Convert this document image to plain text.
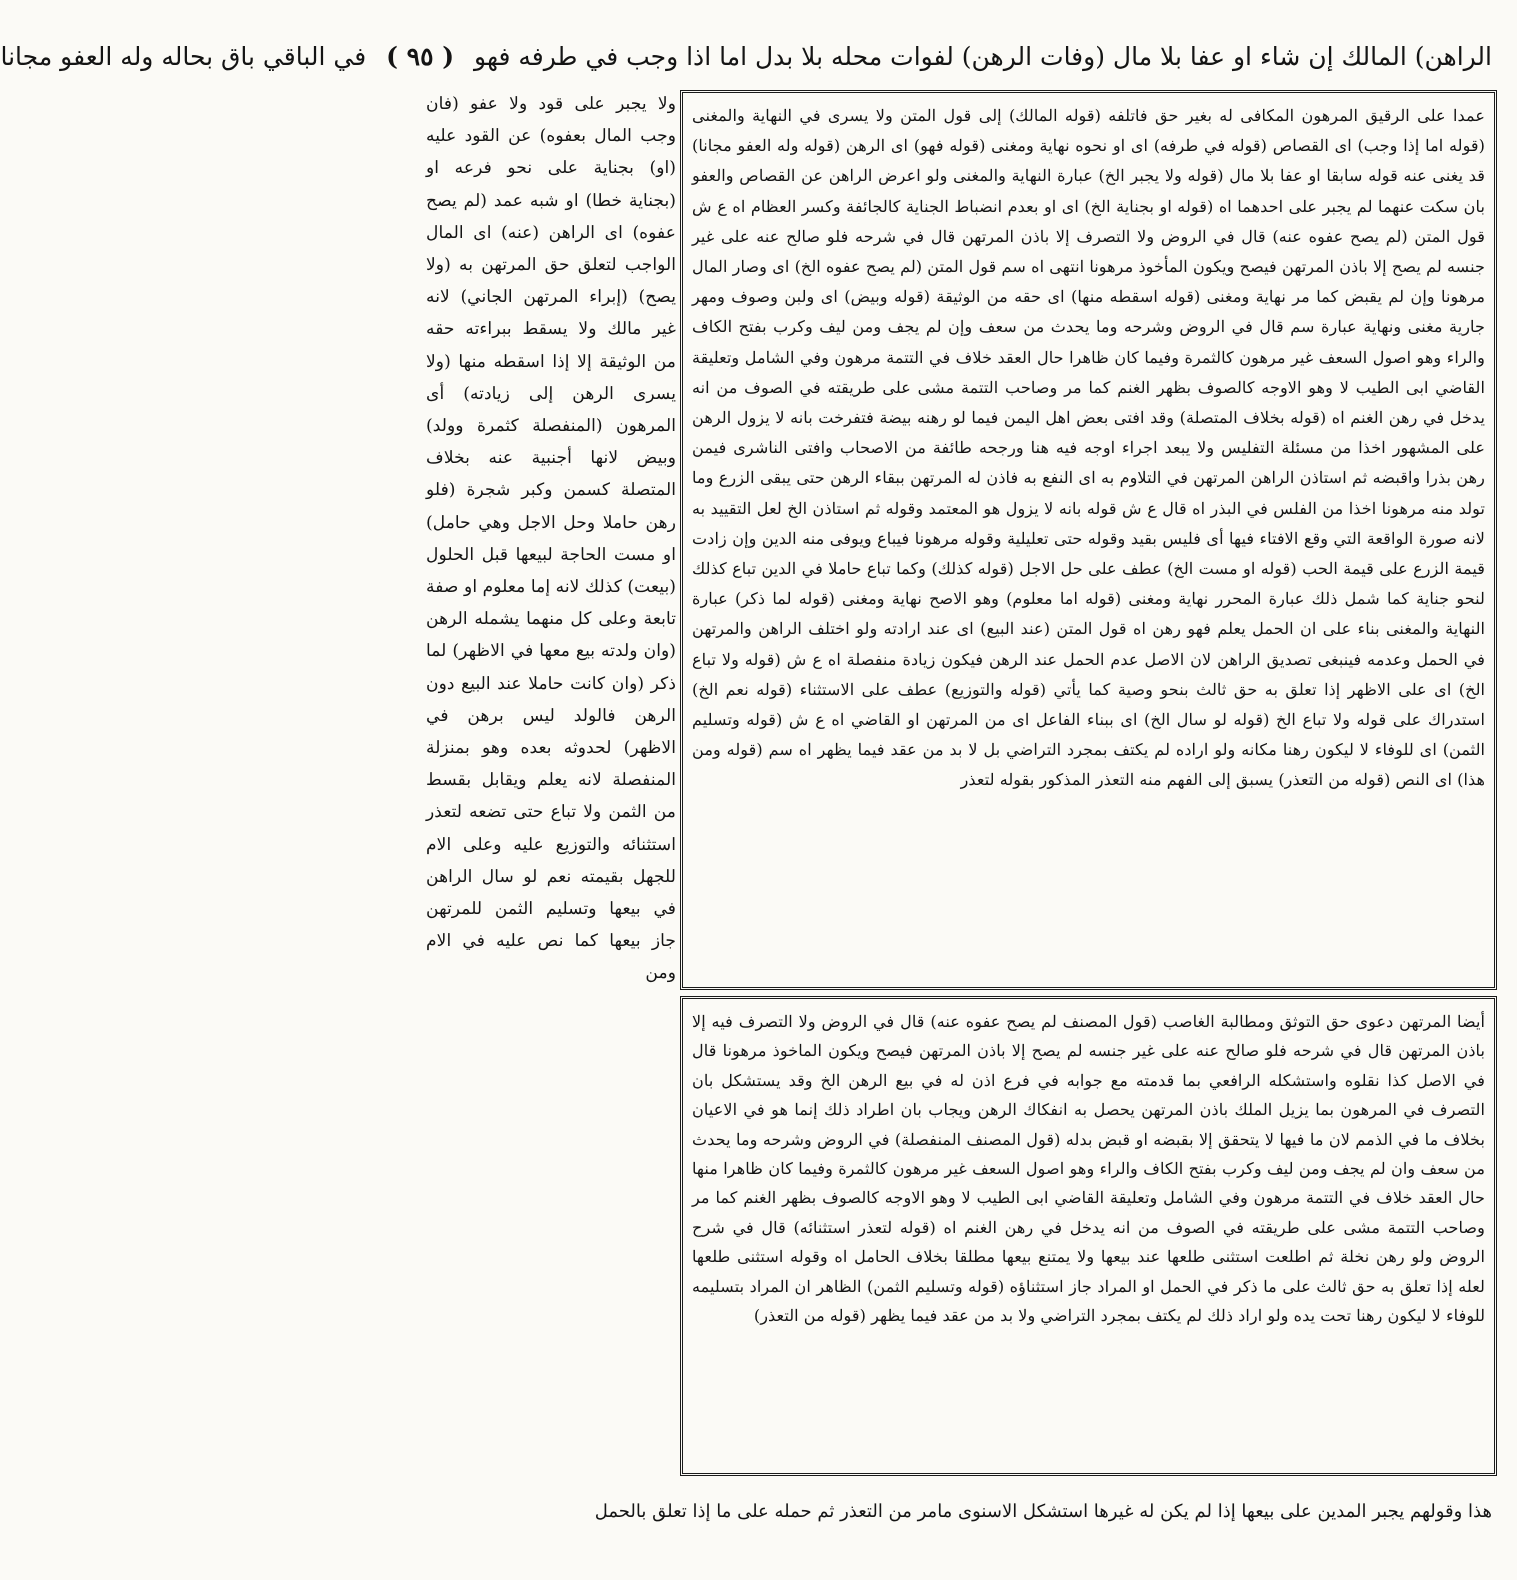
الراهن) المالك إن شاء او عفا بلا مال (وفات الرهن) لفوات محله بلا بدل اما اذا وجب في طرفه فهو ( ٩٥ ) في الباقي باق بحاله وله العفو مجانا
ولا يجبر على قود ولا عفو (فان وجب المال بعفوه) عن القود عليه (او) بجناية على نحو فرعه او (بجناية خطا) او شبه عمد (لم يصح عفوه) اى الراهن (عنه) اى المال الواجب لتعلق حق المرتهن به (ولا يصح) (إبراء المرتهن الجاني) لانه غير مالك ولا يسقط ببراءته حقه من الوثيقة إلا إذا اسقطه منها (ولا يسرى الرهن إلى زيادته) أى المرهون (المنفصلة كثمرة وولد) وبيض لانها أجنبية عنه بخلاف المتصلة كسمن وكبر شجرة (فلو رهن حاملا وحل الاجل وهي حامل) او مست الحاجة لبيعها قبل الحلول (بيعت) كذلك لانه إما معلوم او صفة تابعة وعلى كل منهما يشمله الرهن (وان ولدته بيع معها في الاظهر) لما ذكر (وان كانت حاملا عند البيع دون الرهن فالولد ليس برهن في الاظهر) لحدوثه بعده وهو بمنزلة المنفصلة لانه يعلم ويقابل بقسط من الثمن ولا تباع حتى تضعه لتعذر استثنائه والتوزيع عليه وعلى الام للجهل بقيمته نعم لو سال الراهن في بيعها وتسليم الثمن للمرتهن جاز بيعها كما نص عليه في الام ومن
عمدا على الرقيق المرهون المكافى له بغير حق فاتلفه (قوله المالك) إلى قول المتن ولا يسرى في النهاية والمغنى (قوله اما إذا وجب) اى القصاص (قوله في طرفه) اى او نحوه نهاية ومغنى (قوله فهو) اى الرهن (قوله وله العفو مجانا) قد يغنى عنه قوله سابقا او عفا بلا مال (قوله ولا يجبر الخ) عبارة النهاية والمغنى ولو اعرض الراهن عن القصاص والعفو بان سكت عنهما لم يجبر على احدهما اه (قوله او بجناية الخ) اى او بعدم انضباط الجناية كالجائفة وكسر العظام اه ع ش قول المتن (لم يصح عفوه عنه) قال في الروض ولا التصرف إلا باذن المرتهن قال في شرحه فلو صالح عنه على غير جنسه لم يصح إلا باذن المرتهن فيصح ويكون المأخوذ مرهونا انتهى اه سم قول المتن (لم يصح عفوه الخ) اى وصار المال مرهونا وإن لم يقبض كما مر نهاية ومغنى (قوله اسقطه منها) اى حقه من الوثيقة (قوله وبيض) اى ولبن وصوف ومهر جارية مغنى ونهاية عبارة سم قال في الروض وشرحه وما يحدث من سعف وإن لم يجف ومن ليف وكرب بفتح الكاف والراء وهو اصول السعف غير مرهون كالثمرة وفيما كان ظاهرا حال العقد خلاف في التتمة مرهون وفي الشامل وتعليقة القاضي ابى الطيب لا وهو الاوجه كالصوف بظهر الغنم كما مر وصاحب التتمة مشى على طريقته في الصوف من انه يدخل في رهن الغنم اه (قوله بخلاف المتصلة) وقد افتى بعض اهل اليمن فيما لو رهنه بيضة فتفرخت بانه لا يزول الرهن على المشهور اخذا من مسئلة التفليس ولا يبعد اجراء اوجه فيه هنا ورجحه طائفة من الاصحاب وافتى الناشرى فيمن رهن بذرا واقبضه ثم استاذن الراهن المرتهن في التلاوم به اى النفع به فاذن له المرتهن ببقاء الرهن حتى يبقى الزرع وما تولد منه مرهونا اخذا من الفلس في البذر اه قال ع ش قوله بانه لا يزول هو المعتمد وقوله ثم استاذن الخ لعل التقييد به لانه صورة الواقعة التي وقع الافتاء فيها أى فليس بقيد وقوله حتى تعليلية وقوله مرهونا فيباع ويوفى منه الدين وإن زادت قيمة الزرع على قيمة الحب (قوله او مست الخ) عطف على حل الاجل (قوله كذلك) وكما تباع حاملا في الدين تباع كذلك لنحو جناية كما شمل ذلك عبارة المحرر نهاية ومغنى (قوله اما معلوم) وهو الاصح نهاية ومغنى (قوله لما ذكر) عبارة النهاية والمغنى بناء على ان الحمل يعلم فهو رهن اه قول المتن (عند البيع) اى عند ارادته ولو اختلف الراهن والمرتهن في الحمل وعدمه فينبغى تصديق الراهن لان الاصل عدم الحمل عند الرهن فيكون زيادة منفصلة اه ع ش (قوله ولا تباع الخ) اى على الاظهر إذا تعلق به حق ثالث بنحو وصية كما يأتي (قوله والتوزيع) عطف على الاستثناء (قوله نعم الخ) استدراك على قوله ولا تباع الخ (قوله لو سال الخ) اى ببناء الفاعل اى من المرتهن او القاضي اه ع ش (قوله وتسليم الثمن) اى للوفاء لا ليكون رهنا مكانه ولو اراده لم يكتف بمجرد التراضي بل لا بد من عقد فيما يظهر اه سم (قوله ومن هذا) اى النص (قوله من التعذر) يسبق إلى الفهم منه التعذر المذكور بقوله لتعذر
أيضا المرتهن دعوى حق التوثق ومطالبة الغاصب (قول المصنف لم يصح عفوه عنه) قال في الروض ولا التصرف فيه إلا باذن المرتهن قال في شرحه فلو صالح عنه على غير جنسه لم يصح إلا باذن المرتهن فيصح ويكون الماخوذ مرهونا قال في الاصل كذا نقلوه واستشكله الرافعي بما قدمته مع جوابه في فرع اذن له في بيع الرهن الخ وقد يستشكل بان التصرف في المرهون بما يزيل الملك باذن المرتهن يحصل به انفكاك الرهن ويجاب بان اطراد ذلك إنما هو في الاعيان بخلاف ما في الذمم لان ما فيها لا يتحقق إلا بقبضه او قبض بدله (قول المصنف المنفصلة) في الروض وشرحه وما يحدث من سعف وان لم يجف ومن ليف وكرب بفتح الكاف والراء وهو اصول السعف غير مرهون كالثمرة وفيما كان ظاهرا منها حال العقد خلاف في التتمة مرهون وفي الشامل وتعليقة القاضي ابى الطيب لا وهو الاوجه كالصوف بظهر الغنم كما مر وصاحب التتمة مشى على طريقته في الصوف من انه يدخل في رهن الغنم اه (قوله لتعذر استثنائه) قال في شرح الروض ولو رهن نخلة ثم اطلعت استثنى طلعها عند بيعها ولا يمتنع بيعها مطلقا بخلاف الحامل اه وقوله استثنى طلعها لعله إذا تعلق به حق ثالث على ما ذكر في الحمل او المراد جاز استثناؤه (قوله وتسليم الثمن) الظاهر ان المراد بتسليمه للوفاء لا ليكون رهنا تحت يده ولو اراد ذلك لم يكتف بمجرد التراضي ولا بد من عقد فيما يظهر (قوله من التعذر)
هذا وقولهم يجبر المدين على بيعها إذا لم يكن له غيرها استشكل الاسنوى مامر من التعذر ثم حمله على ما إذا تعلق بالحمل
